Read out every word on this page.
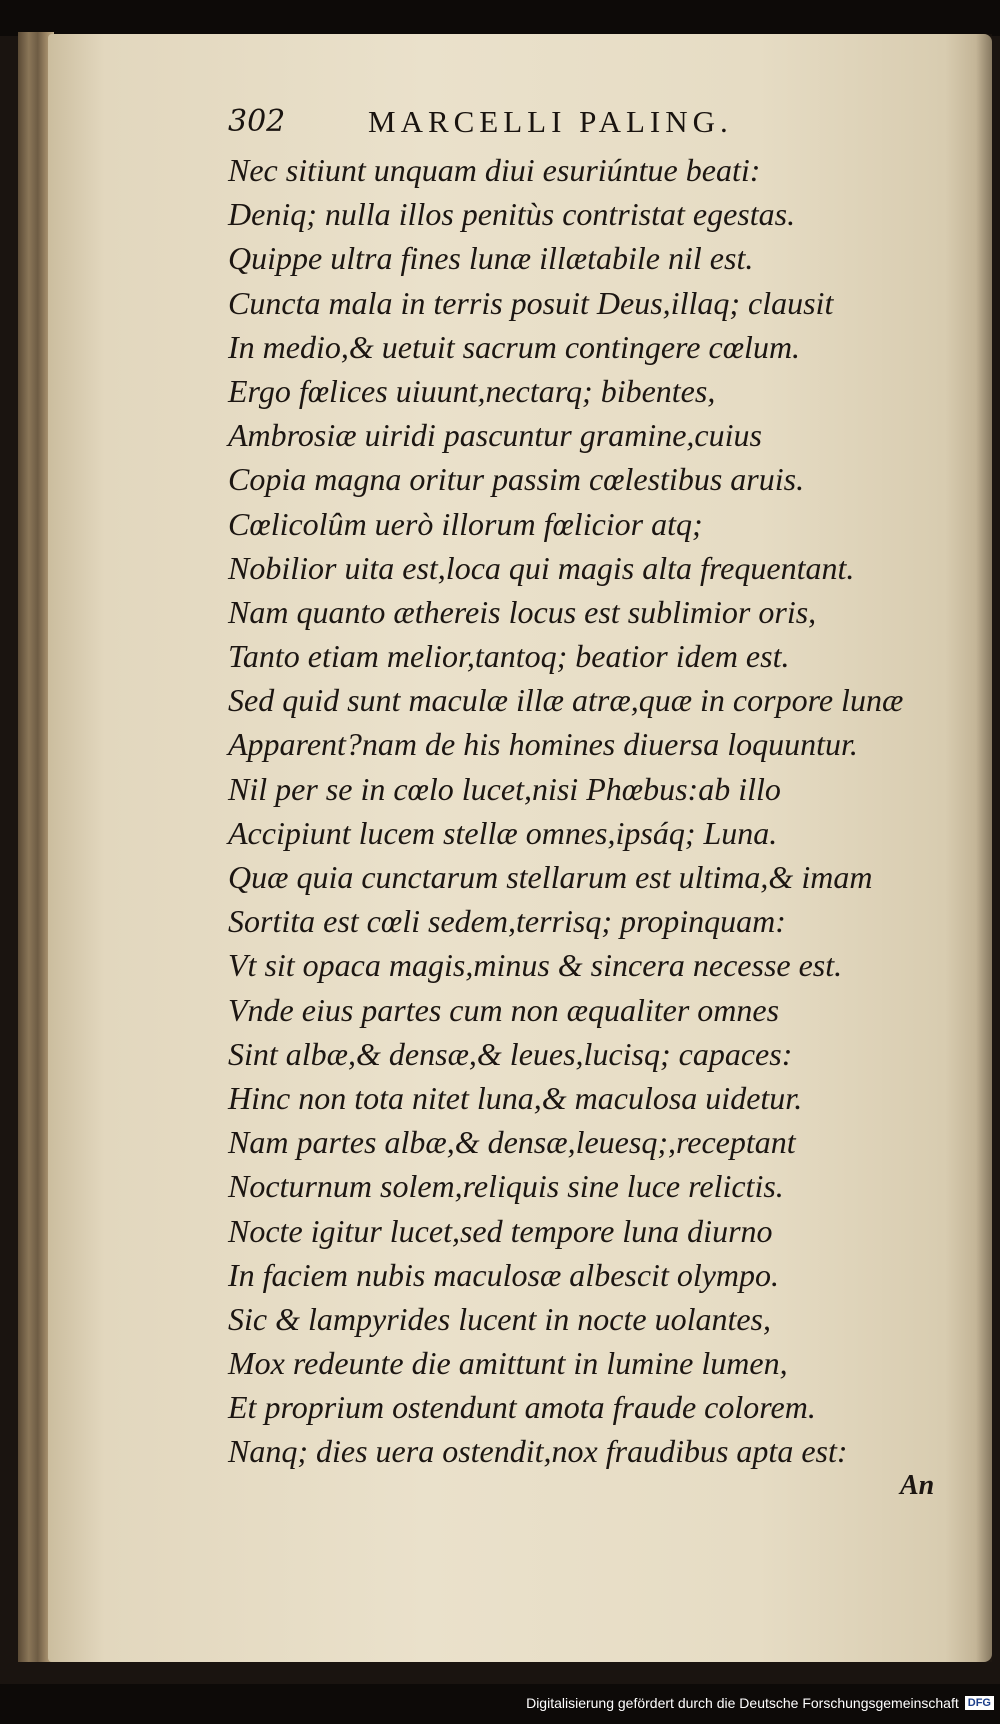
302	MARCELLI PALING.
Nec sitiunt unquam diui esuriúntue beati:
Deniq; nulla illos penitùs contristat egestas.
Quippe ultra fines lunæ illætabile nil est.
Cuncta mala in terris posuit Deus,illaq; clausit
In medio,& uetuit sacrum contingere cœlum.
Ergo fœlices uiuunt,nectarq; bibentes,
Ambrosiæ uiridi pascuntur gramine,cuius
Copia magna oritur passim cœlestibus aruis.
Cœlicolûm uerò illorum fœlicior atq;
Nobilior uita est,loca qui magis alta frequentant.
Nam quanto æthereis locus est sublimior oris,
Tanto etiam melior,tantoq; beatior idem est.
Sed quid sunt maculæ illæ atræ,quæ in corpore lunæ
Apparent?nam de his homines diuersa loquuntur.
Nil per se in cœlo lucet,nisi Phœbus:ab illo
Accipiunt lucem stellæ omnes,ipsáq; Luna.
Quæ quia cunctarum stellarum est ultima,& imam
Sortita est cœli sedem,terrisq; propinquam:
Vt sit opaca magis,minus & sincera necesse est.
Vnde eius partes cum non æqualiter omnes
Sint albæ,& densæ,& leues,lucisq; capaces:
Hinc non tota nitet luna,& maculosa uidetur.
Nam partes albæ,& densæ,leuesq;,receptant
Nocturnum solem,reliquis sine luce relictis.
Nocte igitur lucet,sed tempore luna diurno
In faciem nubis maculosæ albescit olympo.
Sic & lampyrides lucent in nocte uolantes,
Mox redeunte die amittunt in lumine lumen,
Et proprium ostendunt amota fraude colorem.
Nanq; dies uera ostendit,nox fraudibus apta est:
An
Digitalisierung gefördert durch die Deutsche Forschungsgemeinschaft DFG
